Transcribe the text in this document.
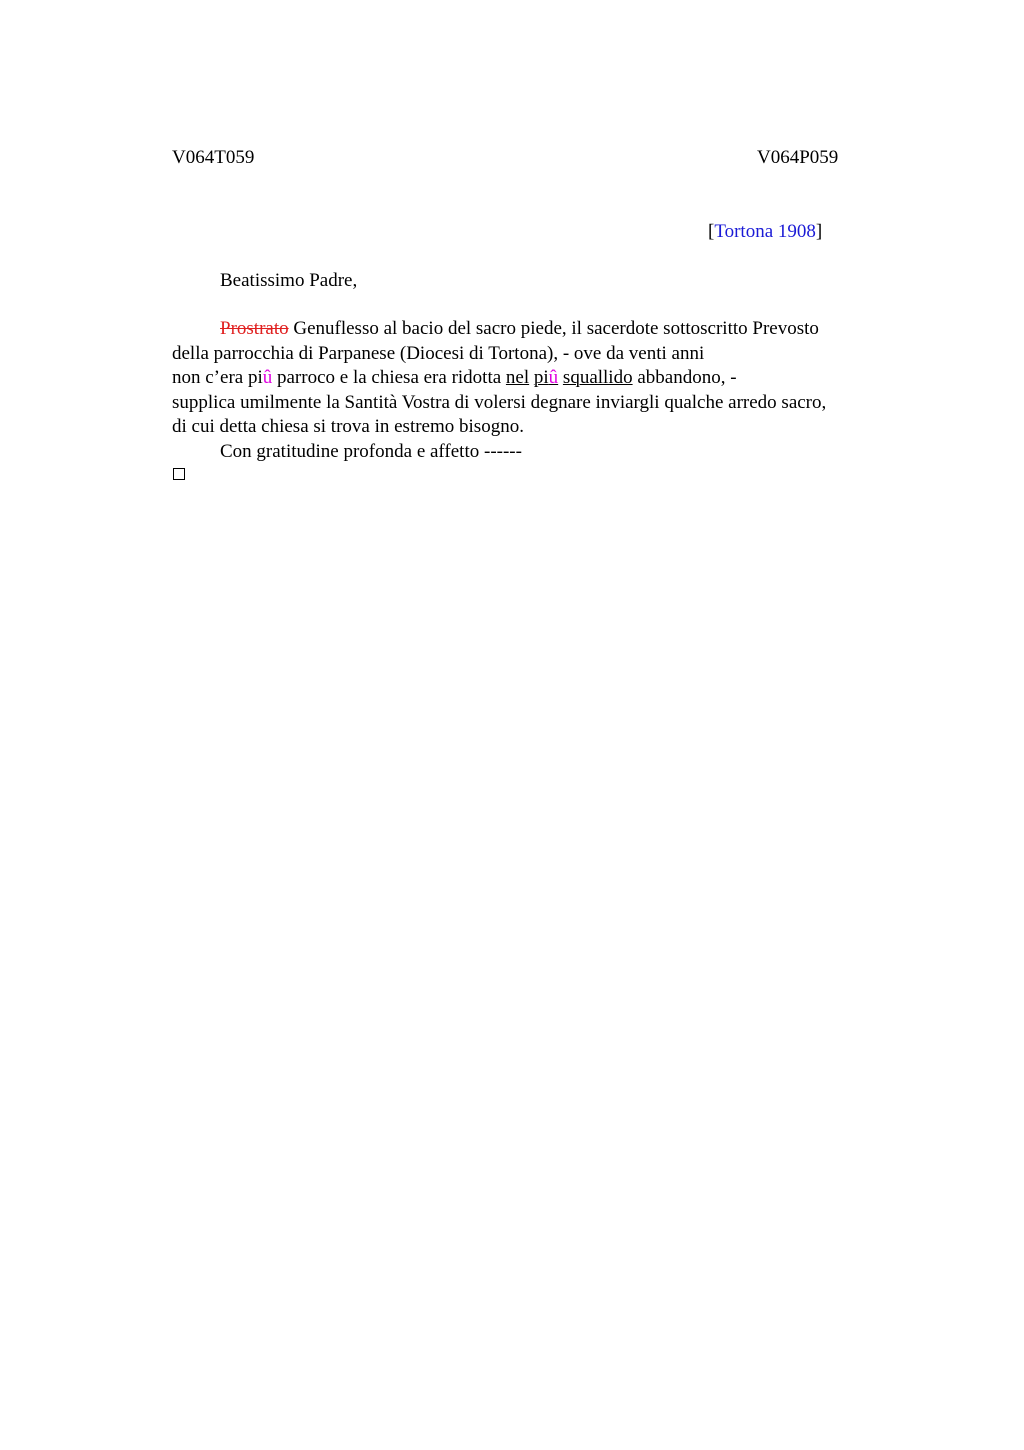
V064T059	V064P059
[Tortona 1908]
Beatissimo Padre,
Prostrato Genuflesso al bacio del sacro piede, il sacerdote sottoscritto Prevosto
della parrocchia di Parpanese (Diocesi di Tortona), - ove da venti anni
non c’era piû parroco e la chiesa era ridotta nel piû squallido abbandono, -
supplica umilmente la Santità Vostra di volersi degnare inviargli qualche arredo sacro,
di cui detta chiesa si trova in estremo bisogno.
Con gratitudine profonda e affetto ------
